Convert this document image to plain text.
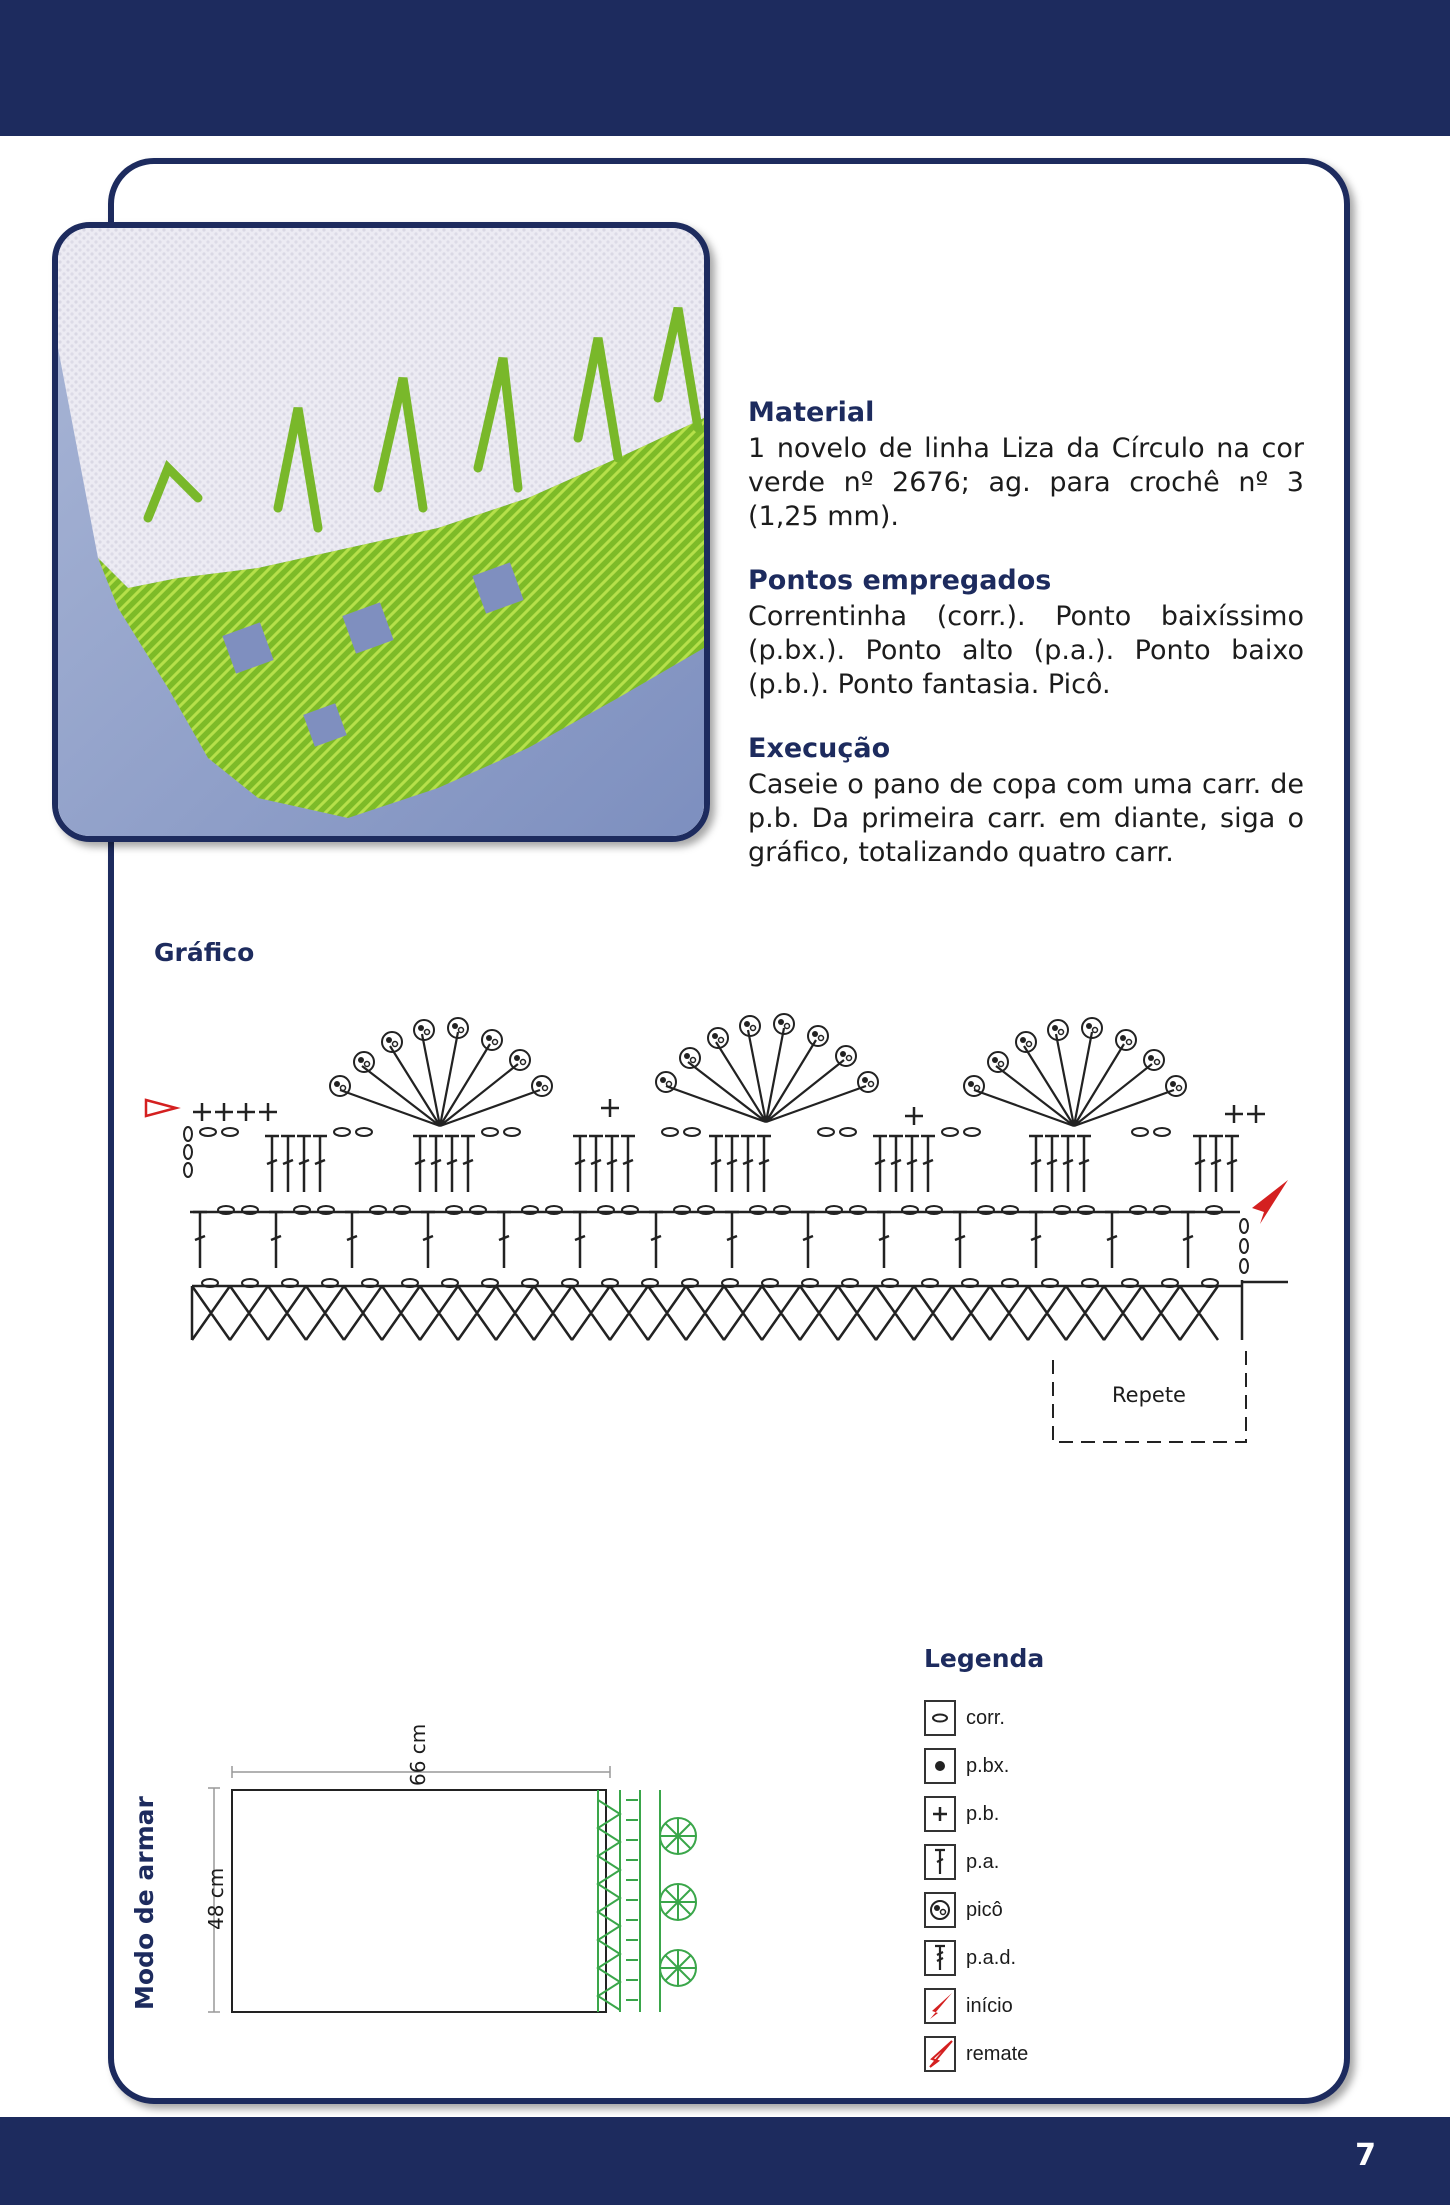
Material

1 novelo de linha Liza da Círculo na cor verde nº 2676; ag. para crochê nº 3 (1,25 mm).

Pontos empregados

Correntinha (corr.). Ponto baixíssimo (p.bx.). Ponto alto (p.a.). Ponto baixo (p.b.). Ponto fantasia. Picô.

Execução

Caseie o pano de copa com uma carr. de p.b. Da primeira carr. em diante, siga o gráfico, totalizando quatro carr.

Gráfico
Repete
Legenda
corr.
p.bx.
p.b.
p.a.
picô
p.a.d.
início
remate
Modo de armar
66 cm
48 cm
7
